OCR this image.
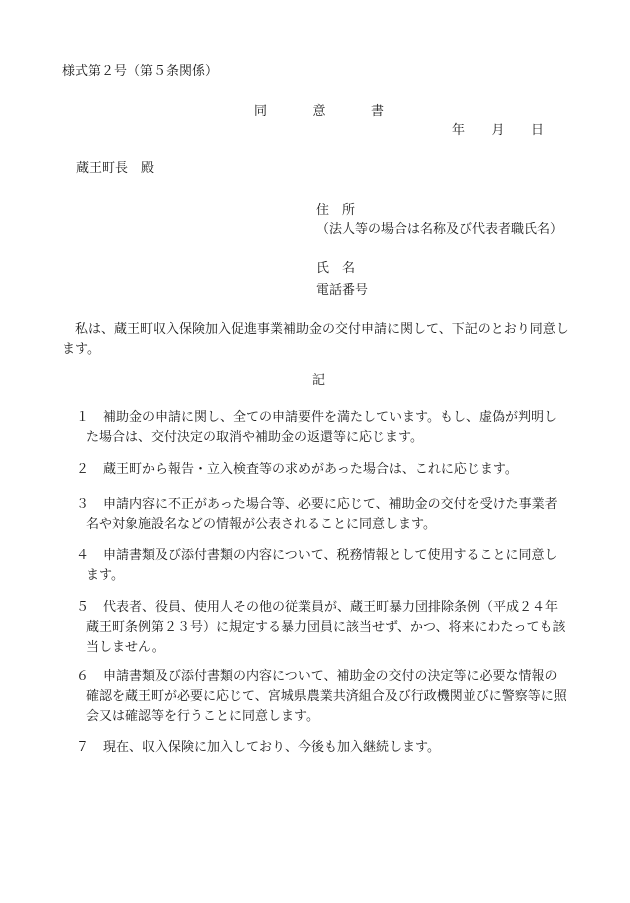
様式第２号（第５条関係）
同	意	書
年 月 日
蔵王町長　殿
住　所
（法人等の場合は名称及び代表者職氏名）
氏　名
電話番号
私は、蔵王町収入保険加入促進事業補助金の交付申請に関して、下記のとおり同意します。
記
１	補助金の申請に関し、全ての申請要件を満たしています。もし、虚偽が判明し
た場合は、交付決定の取消や補助金の返還等に応じます。
２	蔵王町から報告・立入検査等の求めがあった場合は、これに応じます。
３	申請内容に不正があった場合等、必要に応じて、補助金の交付を受けた事業者
名や対象施設名などの情報が公表されることに同意します。
４	申請書類及び添付書類の内容について、税務情報として使用することに同意し
ます。
５	代表者、役員、使用人その他の従業員が、蔵王町暴力団排除条例（平成２４年
蔵王町条例第２３号）に規定する暴力団員に該当せず、かつ、将来にわたっても該当しません。
６	申請書類及び添付書類の内容について、補助金の交付の決定等に必要な情報の
確認を蔵王町が必要に応じて、宮城県農業共済組合及び行政機関並びに警察等に照会又は確認等を行うことに同意します。
７	現在、収入保険に加入しており、今後も加入継続します。
